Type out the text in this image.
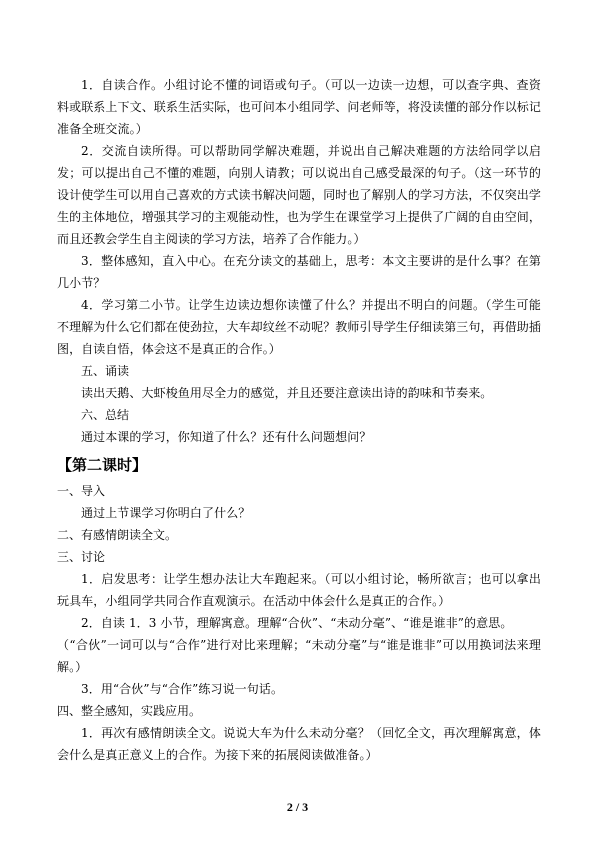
1．自读合作。小组讨论不懂的词语或句子。（可以一边读一边想，可以查字典、查资料或联系上下文、联系生活实际，也可问本小组同学、问老师等，将没读懂的部分作以标记准备全班交流。）

2．交流自读所得。可以帮助同学解决难题，并说出自己解决难题的方法给同学以启发；可以提出自己不懂的难题，向别人请教；可以说出自己感受最深的句子。（这一环节的设计使学生可以用自己喜欢的方式读书解决问题，同时也了解别人的学习方法，不仅突出学生的主体地位，增强其学习的主观能动性，也为学生在课堂学习上提供了广阔的自由空间，而且还教会学生自主阅读的学习方法，培养了合作能力。）

3．整体感知，直入中心。在充分读文的基础上，思考：本文主要讲的是什么事？在第几小节？

4．学习第二小节。让学生边读边想你读懂了什么？并提出不明白的问题。（学生可能不理解为什么它们都在使劲拉，大车却纹丝不动呢？教师引导学生仔细读第三句，再借助插图，自读自悟，体会这不是真正的合作。）

五、诵读

读出天鹅、大虾梭鱼用尽全力的感觉，并且还要注意读出诗的韵味和节奏来。

六、总结

通过本课的学习，你知道了什么？还有什么问题想问？

【第二课时】

一、导入

通过上节课学习你明白了什么？

二、有感情朗读全文。

三、讨论

1．启发思考：让学生想办法让大车跑起来。（可以小组讨论，畅所欲言；也可以拿出玩具车，小组同学共同合作直观演示。在活动中体会什么是真正的合作。）

2．自读 1．3 小节，理解寓意。理解“合伙”、“未动分毫”、“谁是谁非”的意思。

（“合伙”一词可以与“合作”进行对比来理解；“未动分毫”与“谁是谁非”可以用换词法来理解。）

3．用“合伙”与“合作”练习说一句话。

四、整全感知，实践应用。

1．再次有感情朗读全文。说说大车为什么未动分毫？（回忆全文，再次理解寓意，体会什么是真正意义上的合作。为接下来的拓展阅读做准备。）

2 / 3
